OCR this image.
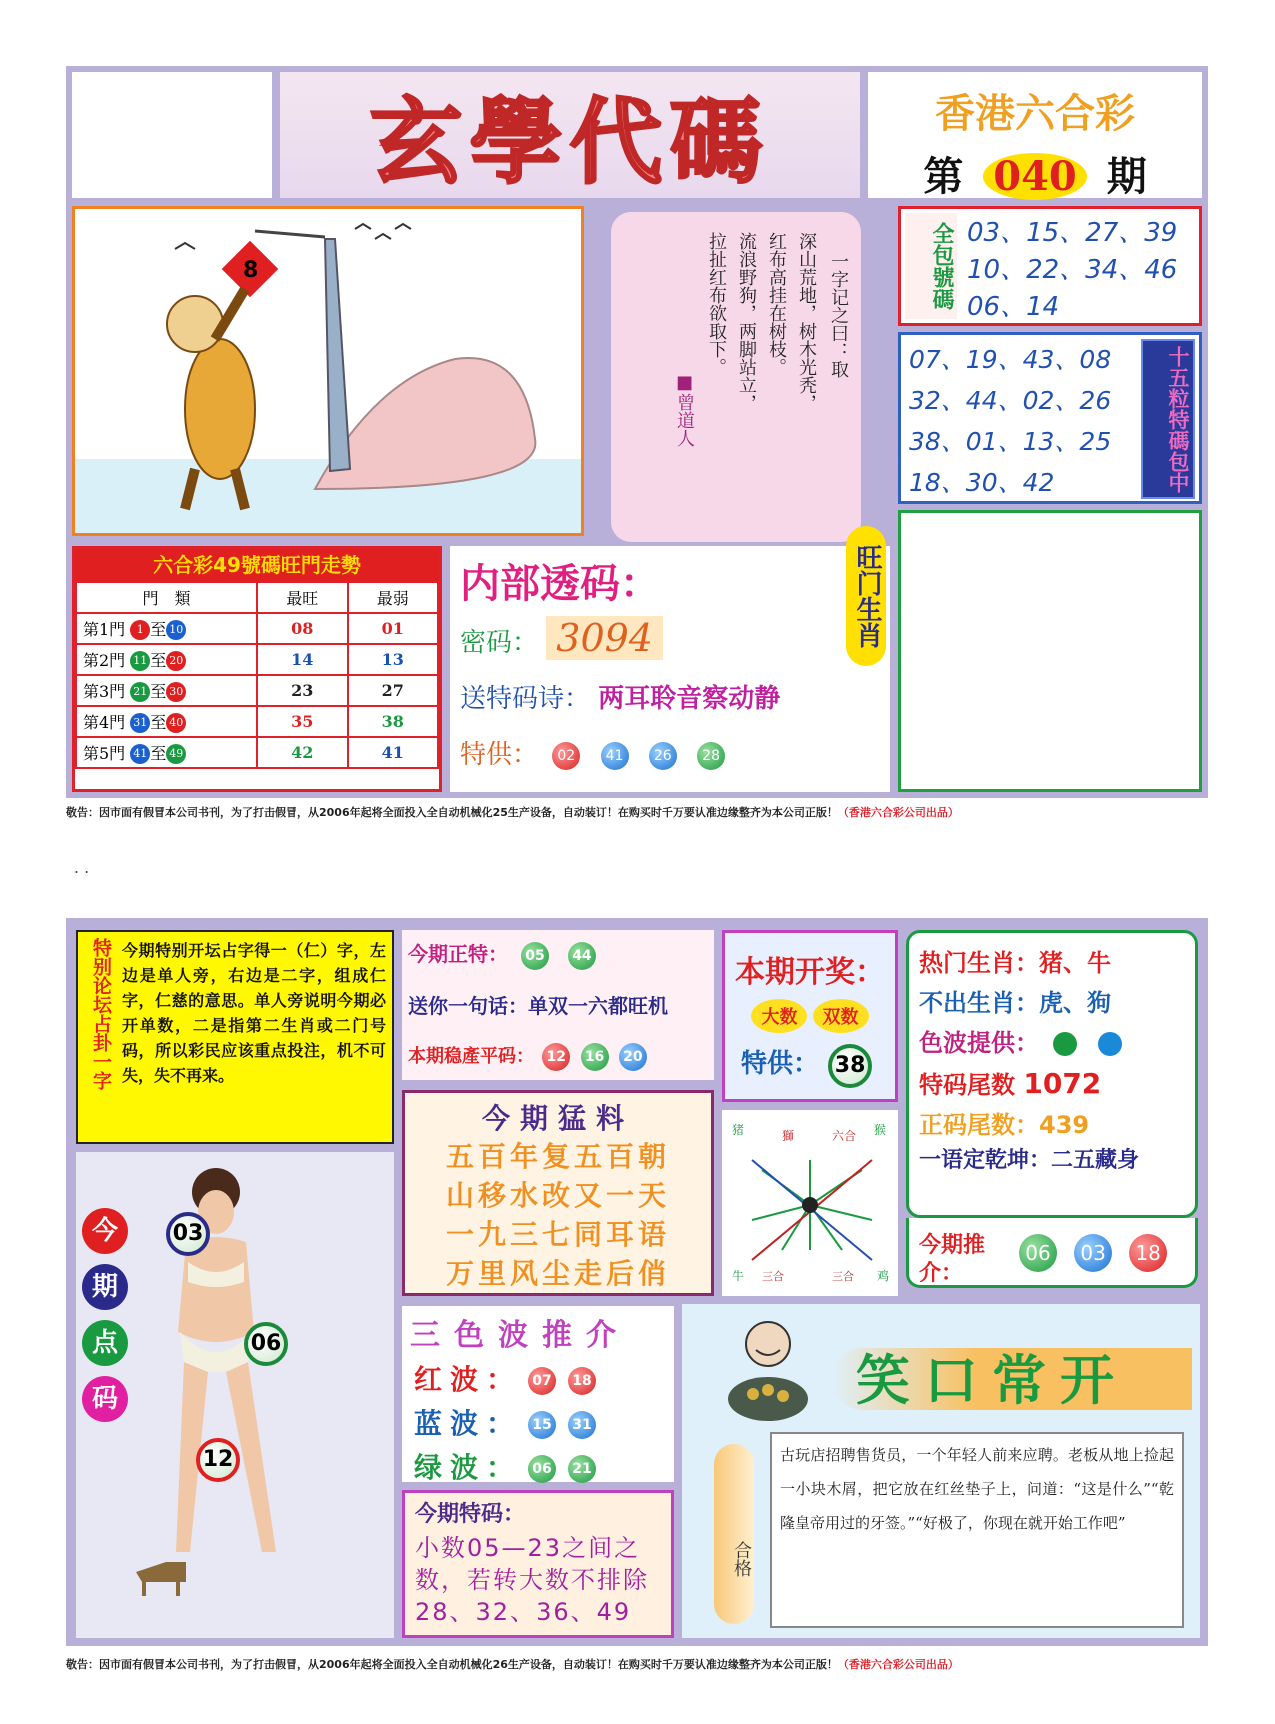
玄學代碼	香港六合彩
第 040 期
8	一字记之曰：取
深山荒地，树木光秃，
红布高挂在树枝。
流浪野狗，两脚站立，
拉扯红布欲取下。
■曾道人
全包號碼 03、15、27、39
10、22、34、46
06、14
07、19、43、08
32、44、02、26
38、01、13、25
18、30、42	十五粒特碼包中
六合彩49號碼旺門走勢
門　類	最旺	最弱
第1門 1 至 10	08	01
第2門 11 至 20	14	13
第3門 21 至 30	23	27
第4門 31 至 40	35	38
第5門 41 至 49	42	41
内部透码：
密码： 3094
送特码诗： 两耳聆音察动静
特供： 02 41 26 28
旺门生肖
敬告：因市面有假冒本公司书刊，为了打击假冒，从2006年起将全面投入全自动机械化25生产设备，自动装订！在购买时千万要认准边缘整齐为本公司正版！（香港六合彩公司出品）
. .
特别论坛占卦一字 今期特别开坛占字得一（仁）字，左边是单人旁，右边是二字，组成仁字，仁慈的意思。单人旁说明今期必开单数，二是指第二生肖或二门号码，所以彩民应该重点投注，机不可失，失不再来。
今期正特： 05 44
送你一句话：单双一六都旺机
本期稳產平码： 12 16 20
本期开奖：
大数 双数
特供： 38
热门生肖：猪、牛
不出生肖：虎、狗
色波提供：
特码尾数 1072
正码尾数：439
一语定乾坤：二五藏身
今期推介：
06 03 18
今期猛料
五百年复五百朝
山移水改又一天
一九三七同耳语
万里风尘走后俏
猪	獅	六合 猴
牛 三合	三合 鸡
今
期
点
码
03
06
12
三色波推介
红波： 07 18
蓝波： 15 31
绿波： 06 21
今期特码：
小数05—23之间之数，若转大数不排除28、32、36、49
笑口常开
合格
古玩店招聘售货员，一个年轻人前来应聘。老板从地上捡起一小块木屑，把它放在红丝垫子上，问道：“这是什么”“乾隆皇帝用过的牙签。”“好极了，你现在就开始工作吧”
敬告：因市面有假冒本公司书刊，为了打击假冒，从2006年起将全面投入全自动机械化26生产设备，自动装订！在购买时千万要认准边缘整齐为本公司正版！（香港六合彩公司出品）
